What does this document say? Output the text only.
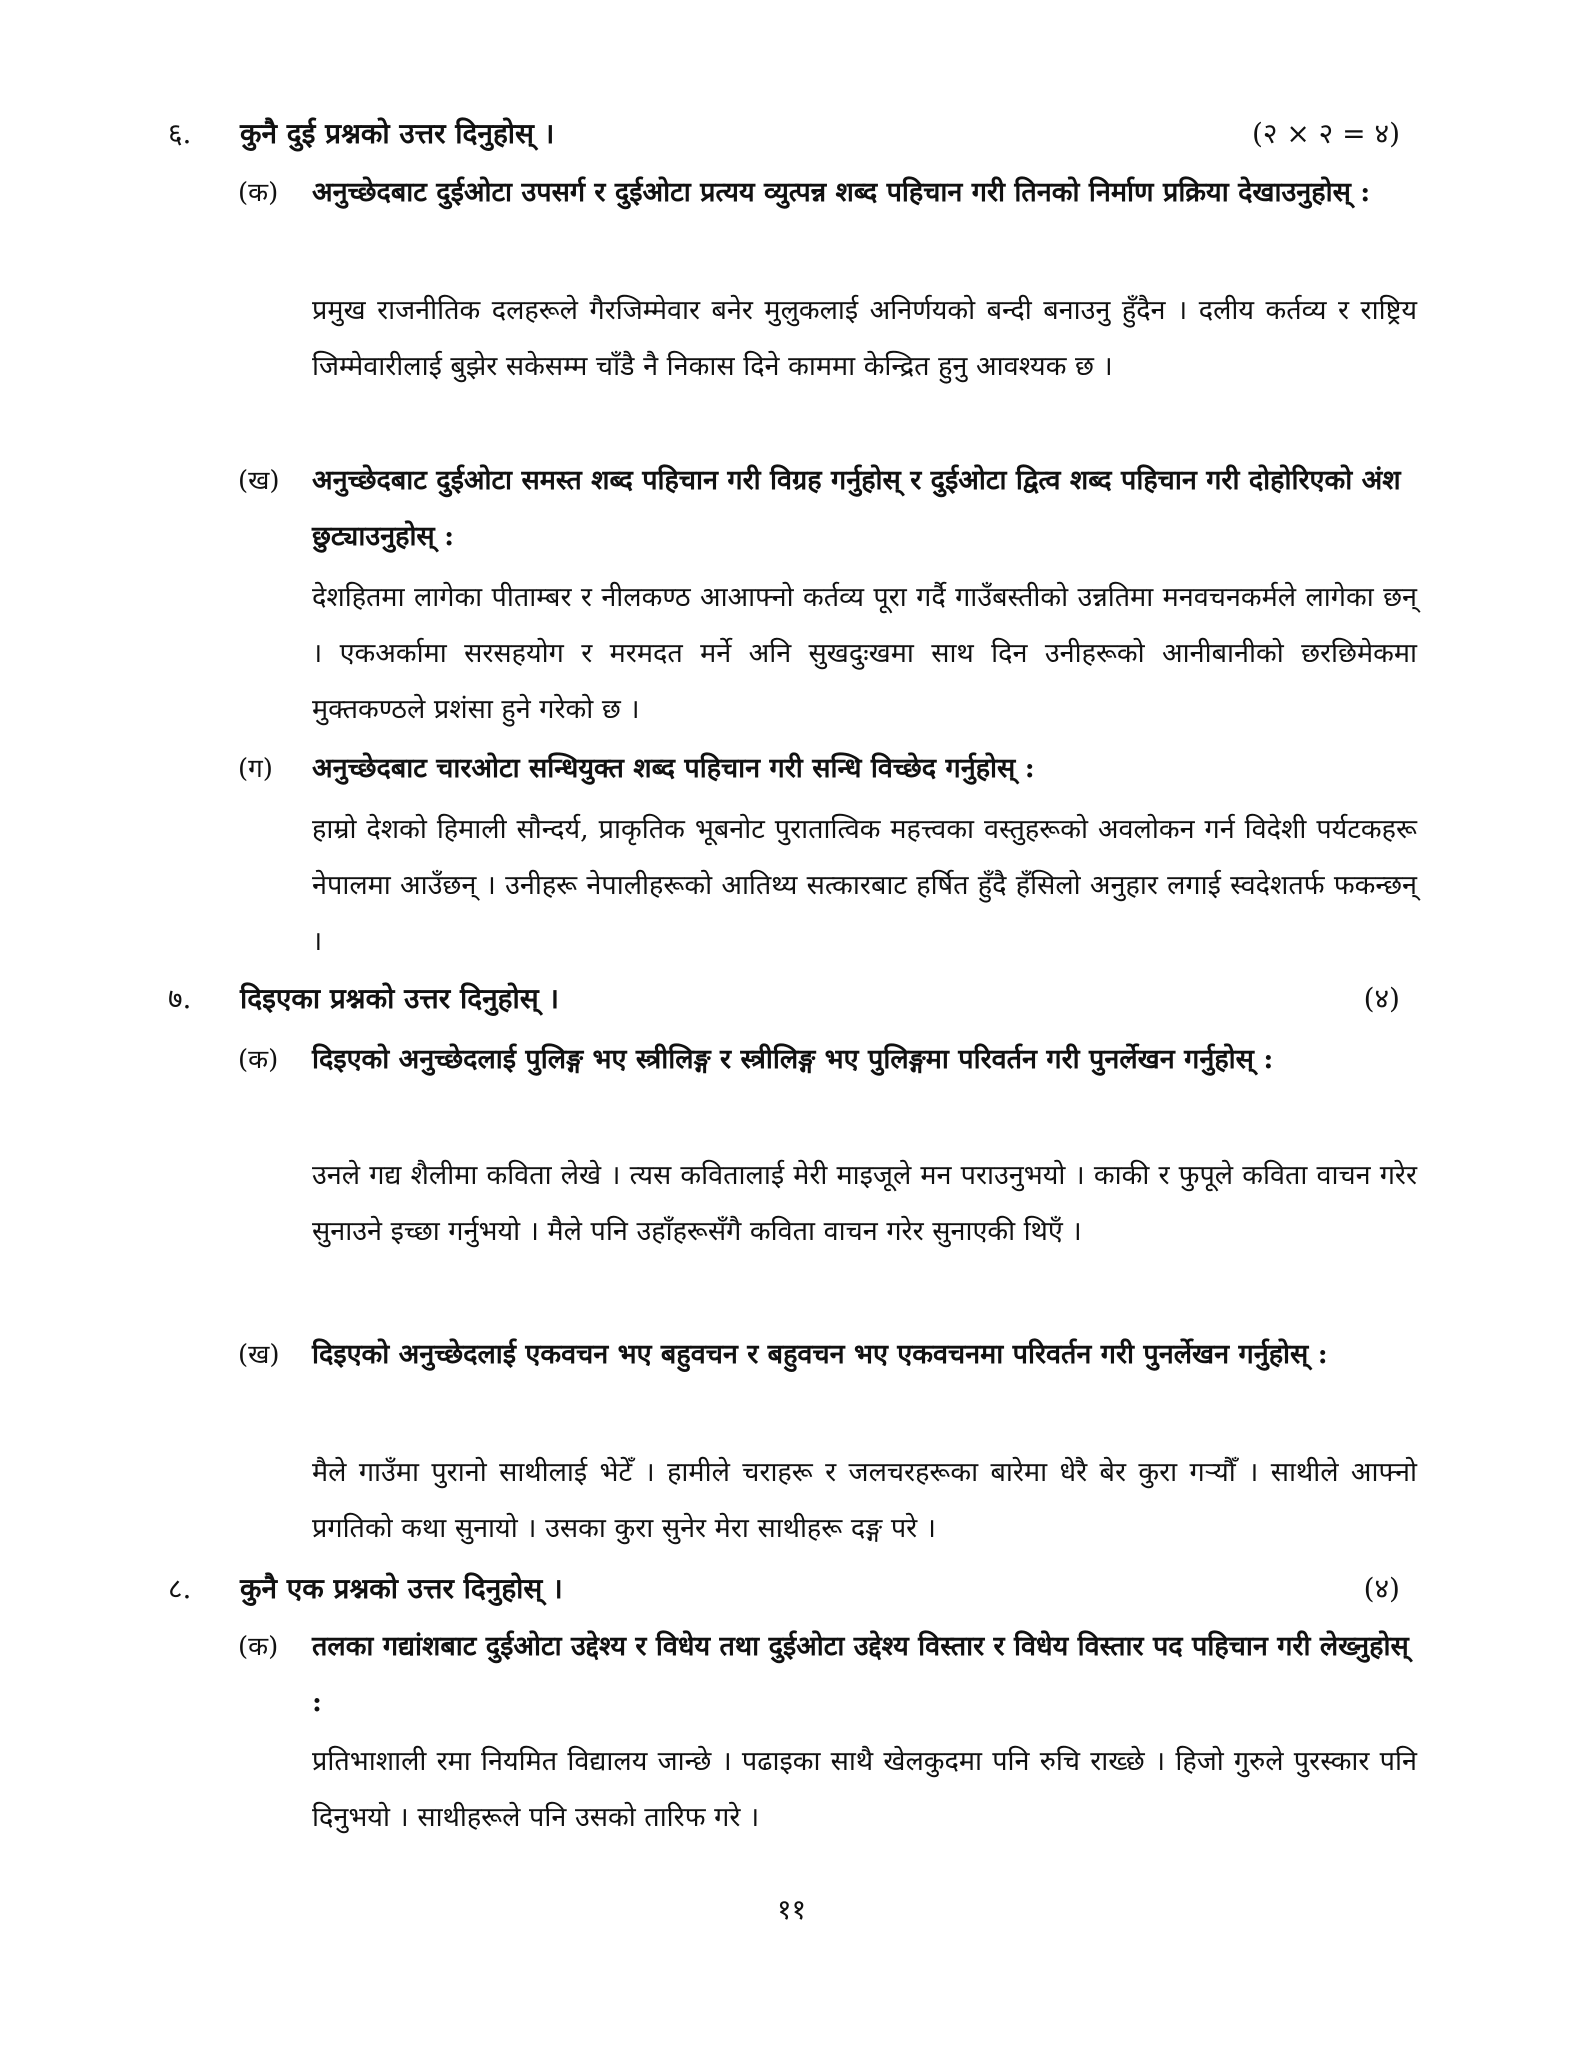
६. कुनै दुई प्रश्नको उत्तर दिनुहोस् ।	(२ × २ = ४)
(क) अनुच्छेदबाट दुईओटा उपसर्ग र दुईओटा प्रत्यय व्युत्पन्न शब्द पहिचान गरी तिनको निर्माण प्रक्रिया देखाउनुहोस् :
प्रमुख राजनीतिक दलहरूले गैरजिम्मेवार बनेर मुलुकलाई अनिर्णयको बन्दी बनाउनु हुँदैन । दलीय कर्तव्य र राष्ट्रिय जिम्मेवारीलाई बुझेर सकेसम्म चाँडै नै निकास दिने काममा केन्द्रित हुनु आवश्यक छ ।
(ख) अनुच्छेदबाट दुईओटा समस्त शब्द पहिचान गरी विग्रह गर्नुहोस् र दुईओटा द्वित्व शब्द पहिचान गरी दोहोरिएको अंश छुट्याउनुहोस् :
देशहितमा लागेका पीताम्बर र नीलकण्ठ आआफ्नो कर्तव्य पूरा गर्दै गाउँबस्तीको उन्नतिमा मनवचनकर्मले लागेका छन् । एकअर्कामा सरसहयोग र मरमदत मर्ने अनि सुखदुःखमा साथ दिन उनीहरूको आनीबानीको छरछिमेकमा मुक्तकण्ठले प्रशंसा हुने गरेको छ ।
(ग) अनुच्छेदबाट चारओटा सन्धियुक्त शब्द पहिचान गरी सन्धि विच्छेद गर्नुहोस् :
हाम्रो देशको हिमाली सौन्दर्य, प्राकृतिक भूबनोट पुरातात्विक महत्त्वका वस्तुहरूको अवलोकन गर्न विदेशी पर्यटकहरू नेपालमा आउँछन् । उनीहरू नेपालीहरूको आतिथ्य सत्कारबाट हर्षित हुँदै हँसिलो अनुहार लगाई स्वदेशतर्फ फकन्छन् ।
७. दिइएका प्रश्नको उत्तर दिनुहोस् ।	(४)
(क) दिइएको अनुच्छेदलाई पुलिङ्ग भए स्त्रीलिङ्ग र स्त्रीलिङ्ग भए पुलिङ्गमा परिवर्तन गरी पुनर्लेखन गर्नुहोस् :
उनले गद्य शैलीमा कविता लेखे । त्यस कवितालाई मेरी माइजूले मन पराउनुभयो । काकी र फुपूले कविता वाचन गरेर सुनाउने इच्छा गर्नुभयो । मैले पनि उहाँहरूसँगै कविता वाचन गरेर सुनाएकी थिएँ ।
(ख) दिइएको अनुच्छेदलाई एकवचन भए बहुवचन र बहुवचन भए एकवचनमा परिवर्तन गरी पुनर्लेखन गर्नुहोस् :
मैले गाउँमा पुरानो साथीलाई भेटेँ । हामीले चराहरू र जलचरहरूका बारेमा धेरै बेर कुरा गर्‍यौँ । साथीले आफ्नो प्रगतिको कथा सुनायो । उसका कुरा सुनेर मेरा साथीहरू दङ्ग परे ।
८. कुनै एक प्रश्नको उत्तर दिनुहोस् ।	(४)
(क) तलका गद्यांशबाट दुईओटा उद्देश्य र विधेय तथा दुईओटा उद्देश्य विस्तार र विधेय विस्तार पद पहिचान गरी लेख्नुहोस् :
प्रतिभाशाली रमा नियमित विद्यालय जान्छे । पढाइका साथै खेलकुदमा पनि रुचि राख्छे । हिजो गुरुले पुरस्कार पनि दिनुभयो । साथीहरूले पनि उसको तारिफ गरे ।
११
